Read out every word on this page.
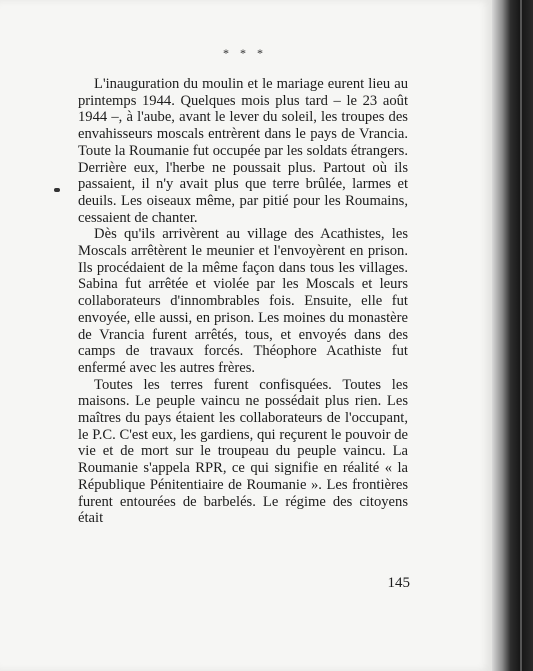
* * *

L'inauguration du moulin et le mariage eurent lieu au printemps 1944. Quelques mois plus tard – le 23 août 1944 –, à l'aube, avant le lever du soleil, les troupes des envahisseurs moscals entrèrent dans le pays de Vrancia. Toute la Roumanie fut occupée par les soldats étrangers. Derrière eux, l'herbe ne poussait plus. Partout où ils passaient, il n'y avait plus que terre brûlée, larmes et deuils. Les oiseaux même, par pitié pour les Roumains, cessaient de chanter.

Dès qu'ils arrivèrent au village des Acathistes, les Moscals arrêtèrent le meunier et l'envoyèrent en prison. Ils procédaient de la même façon dans tous les villages. Sabina fut arrêtée et violée par les Moscals et leurs collaborateurs d'innombrables fois. Ensuite, elle fut envoyée, elle aussi, en prison. Les moines du monastère de Vrancia furent arrêtés, tous, et envoyés dans des camps de travaux forcés. Théophore Acathiste fut enfermé avec les autres frères.

Toutes les terres furent confisquées. Toutes les maisons. Le peuple vaincu ne possédait plus rien. Les maîtres du pays étaient les collaborateurs de l'occupant, le P.C. C'est eux, les gardiens, qui reçurent le pouvoir de vie et de mort sur le troupeau du peuple vaincu. La Roumanie s'appela RPR, ce qui signifie en réalité « la République Pénitentiaire de Roumanie ». Les frontières furent entourées de barbelés. Le régime des citoyens était

145
